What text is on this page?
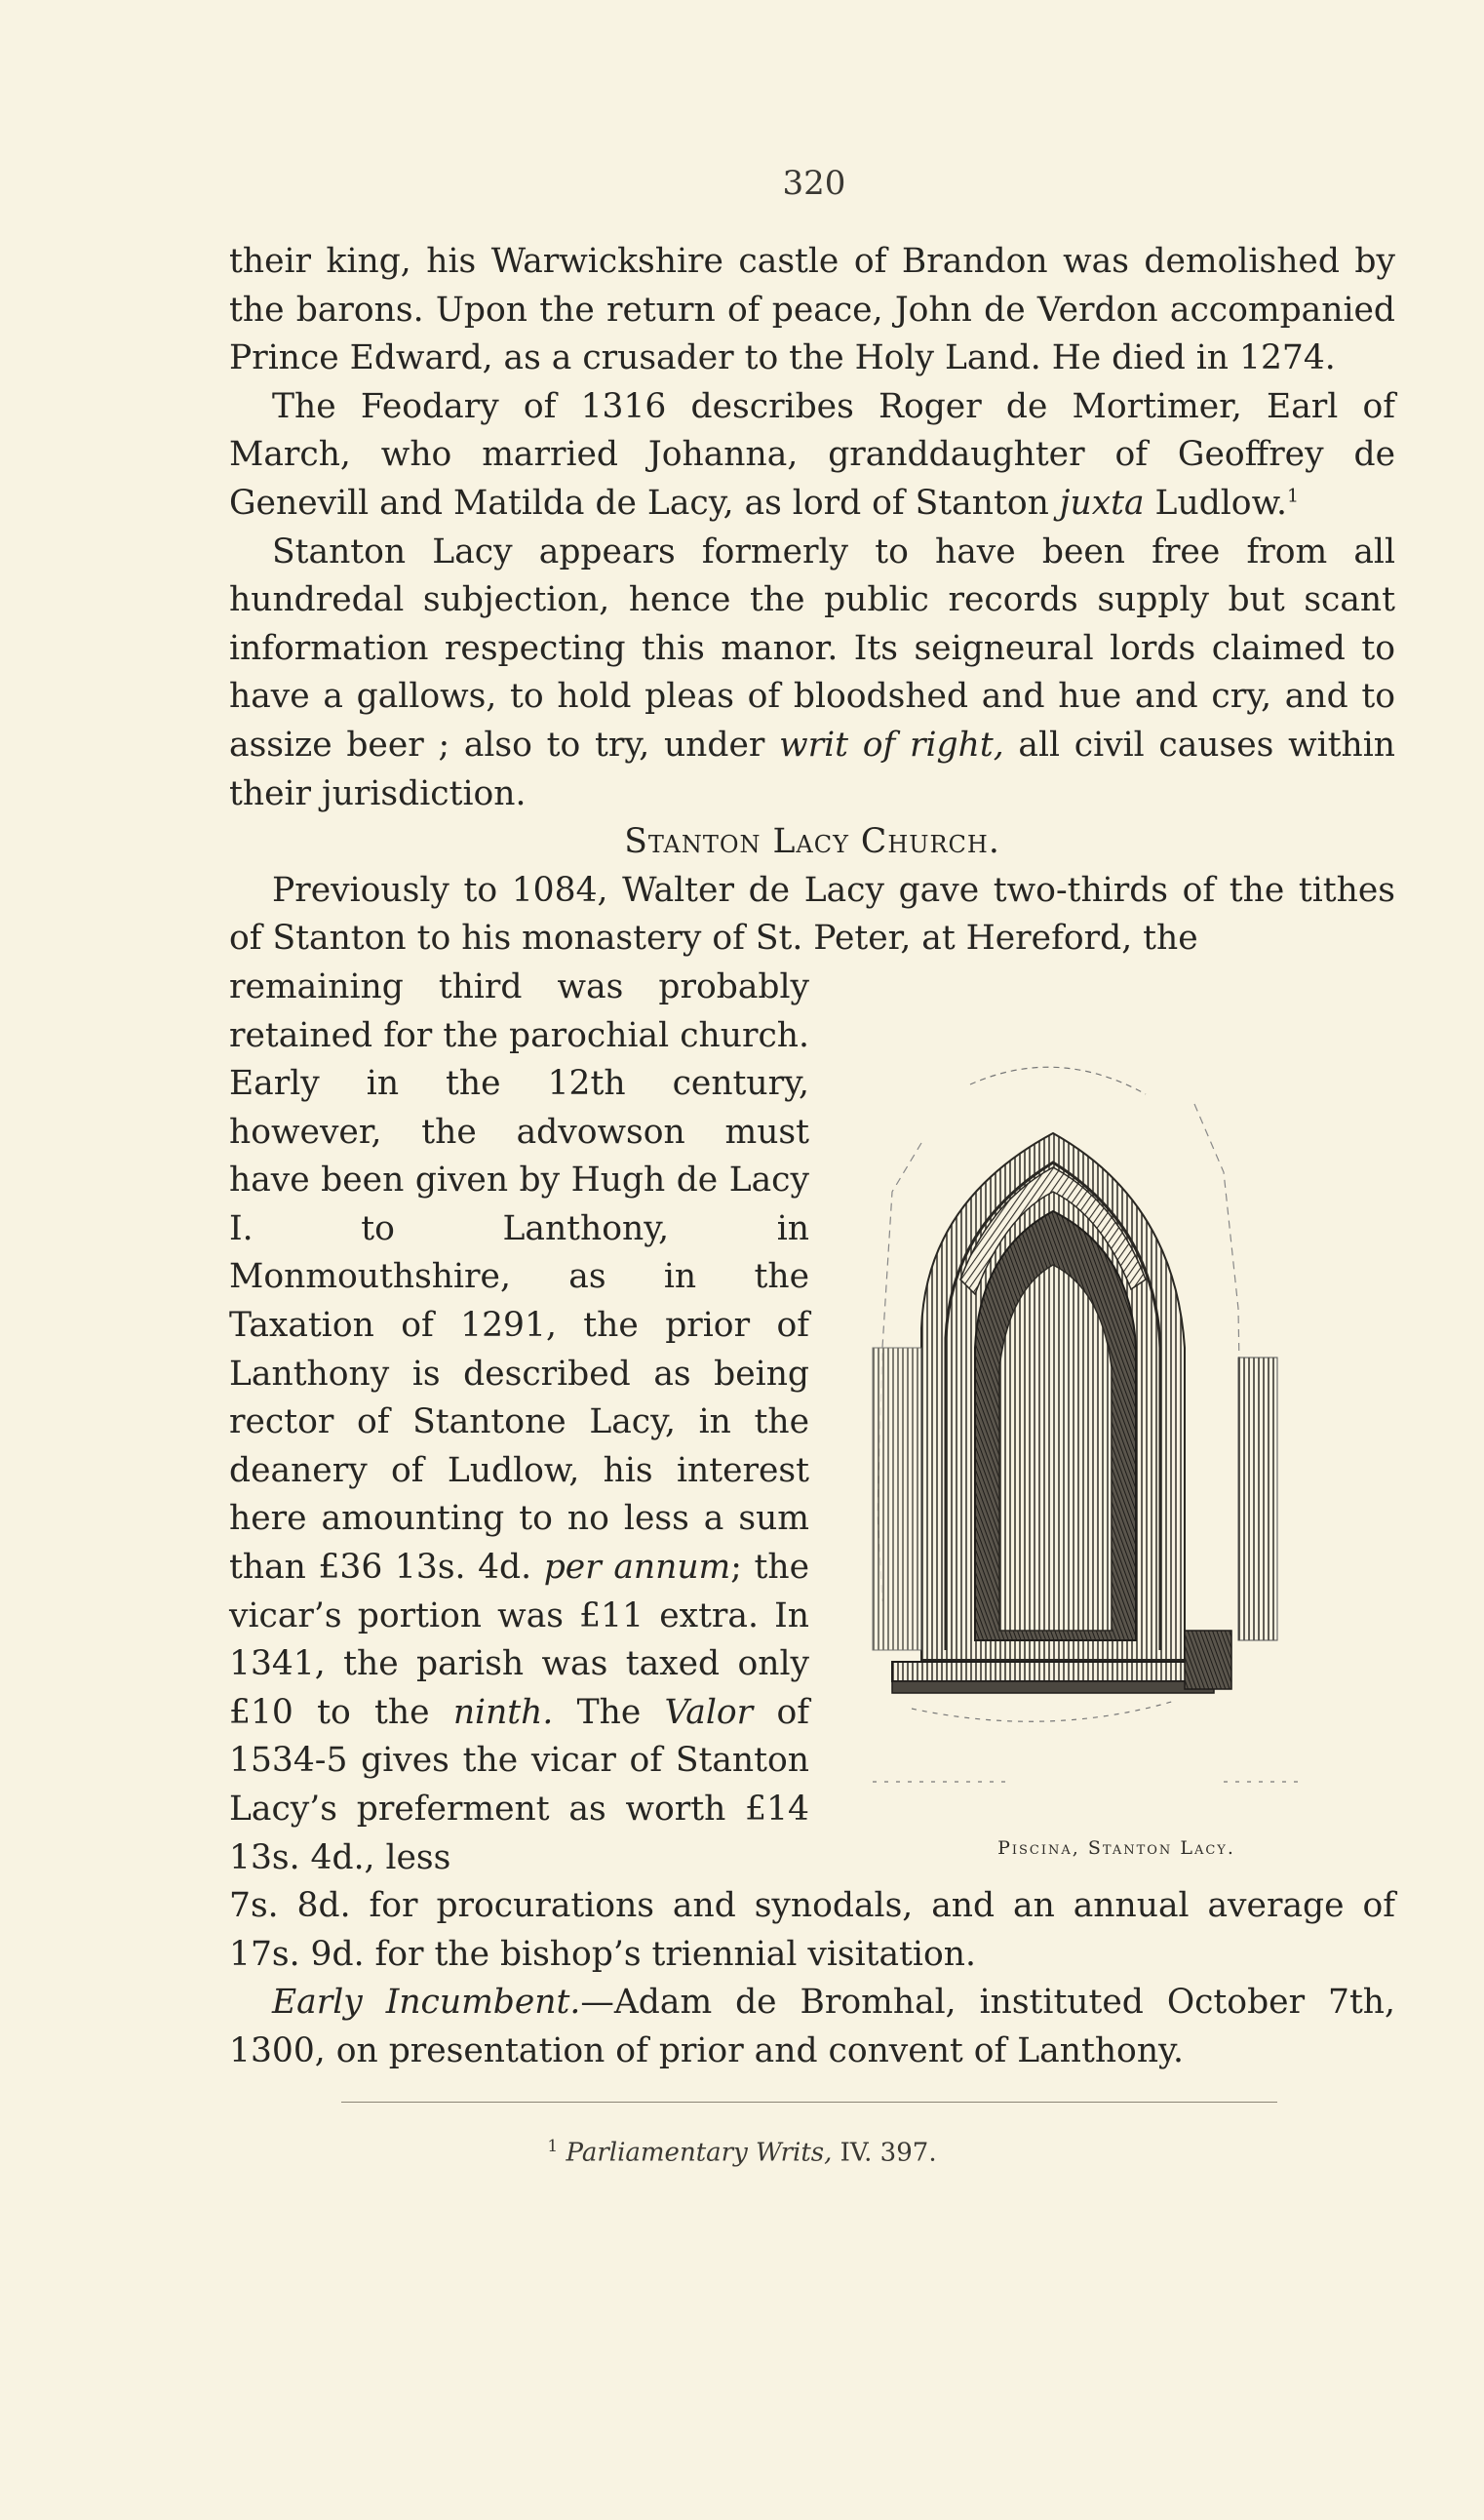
320

their king, his Warwickshire castle of Brandon was demolished by the barons. Upon the return of peace, John de Verdon accompanied Prince Edward, as a crusader to the Holy Land. He died in 1274.

The Feodary of 1316 describes Roger de Mortimer, Earl of March, who married Johanna, granddaughter of Geoffrey de Genevill and Matilda de Lacy, as lord of Stanton juxta Ludlow.$^1$

Stanton Lacy appears formerly to have been free from all hundredal subjection, hence the public records supply but scant information respecting this manor. Its seigneural lords claimed to have a gallows, to hold pleas of bloodshed and hue and cry, and to assize beer ; also to try, under writ of right, all civil causes within their jurisdiction.

Stanton Lacy Church.

Previously to 1084, Walter de Lacy gave two-thirds of the tithes of Stanton to his monastery of St. Peter, at Hereford, the

remaining third was probably retained for the parochial church. Early in the 12th century, however, the advowson must have been given by Hugh de Lacy I. to Lanthony, in Monmouthshire, as in the Taxation of 1291, the prior of Lanthony is described as being rector of Stantone Lacy, in the deanery of Ludlow, his interest here amounting to no less a sum than £36 13s. 4d. per annum; the vicar’s portion was £11 extra. In 1341, the parish was taxed only £10 to the ninth. The Valor of 1534-5 gives the vicar of Stanton Lacy’s preferment as worth £14 13s. 4d., less

7s. 8d. for procurations and synodals, and an annual average of 17s. 9d. for the bishop’s triennial visitation.

Early Incumbent.—Adam de Bromhal, instituted October 7th, 1300, on presentation of prior and convent of Lanthony.

Piscina, Stanton Lacy.
$^1$ Parliamentary Writs, IV. 397.
